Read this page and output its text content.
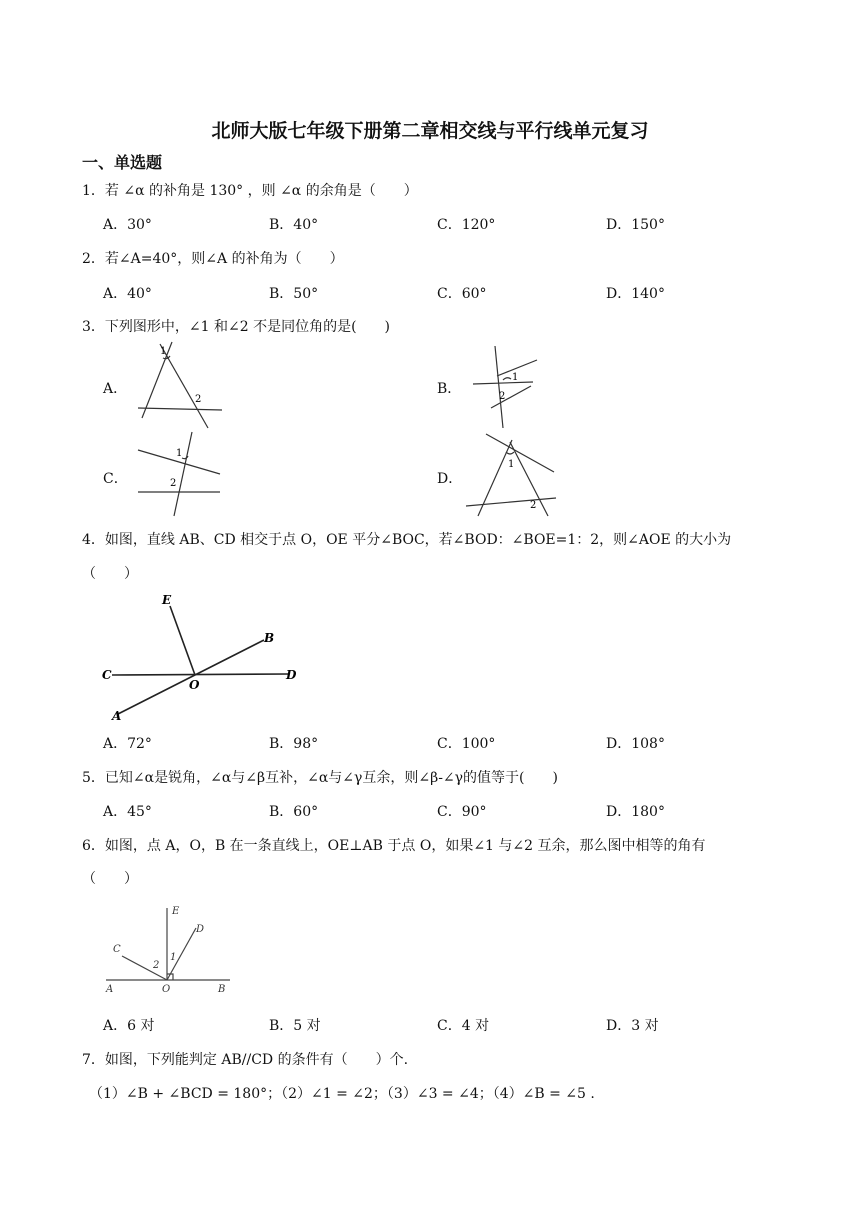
北师大版七年级下册第二章相交线与平行线单元复习
一、单选题
1．若 ∠α 的补角是 130° ，则 ∠α 的余角是（　　）
A．30°	B．40°	C．120°	D．150°
2．若∠A=40°，则∠A 的补角为（　　）
A．40°	B．50°	C．60°	D．140°
3．下列图形中，∠1 和∠2 不是同位角的是(　　)
A．	B．
C．	D．
1
2
1
2
1
2
1
2
4．如图，直线 AB、CD 相交于点 O，OE 平分∠BOC，若∠BOD：∠BOE=1：2，则∠AOE 的大小为
（　　）
E
B
C
O
D
A
A．72°	B．98°	C．100°	D．108°
5．已知∠α是锐角，∠α与∠β互补，∠α与∠γ互余，则∠β-∠γ的值等于(　　)
A．45°	B．60°	C．90°	D．180°
6．如图，点 A，O，B 在一条直线上，OE⊥AB 于点 O，如果∠1 与∠2 互余，那么图中相等的角有
（　　）
E
D
C
2
1
A	O	B
A．6 对	B．5 对	C．4 对	D．3 对
7．如图，下列能判定 AB//CD 的条件有（　　）个.
（1）∠B + ∠BCD = 180°；（2）∠1 = ∠2；（3）∠3 = ∠4；（4）∠B = ∠5 .
